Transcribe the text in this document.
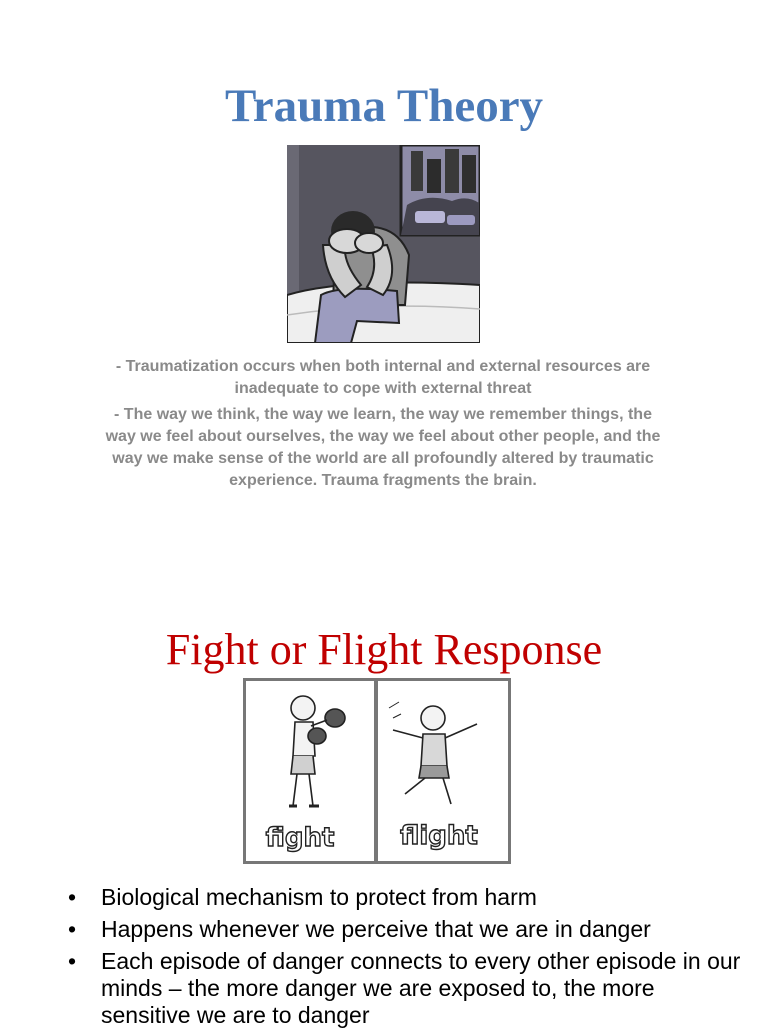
Trauma Theory
- Traumatization occurs when both internal and external resources are inadequate to cope with external threat
- The way we think, the way we learn, the way we remember things, the way we feel about ourselves, the way we feel about other people, and the way we make sense of the world are all profoundly altered by traumatic experience. Trauma fragments the brain.
Fight or Flight Response
fight	flight
• Biological mechanism to protect from harm
• Happens whenever we perceive that we are in danger
• Each episode of danger connects to every other episode in our minds – the more danger we are exposed to, the more sensitive we are to danger
